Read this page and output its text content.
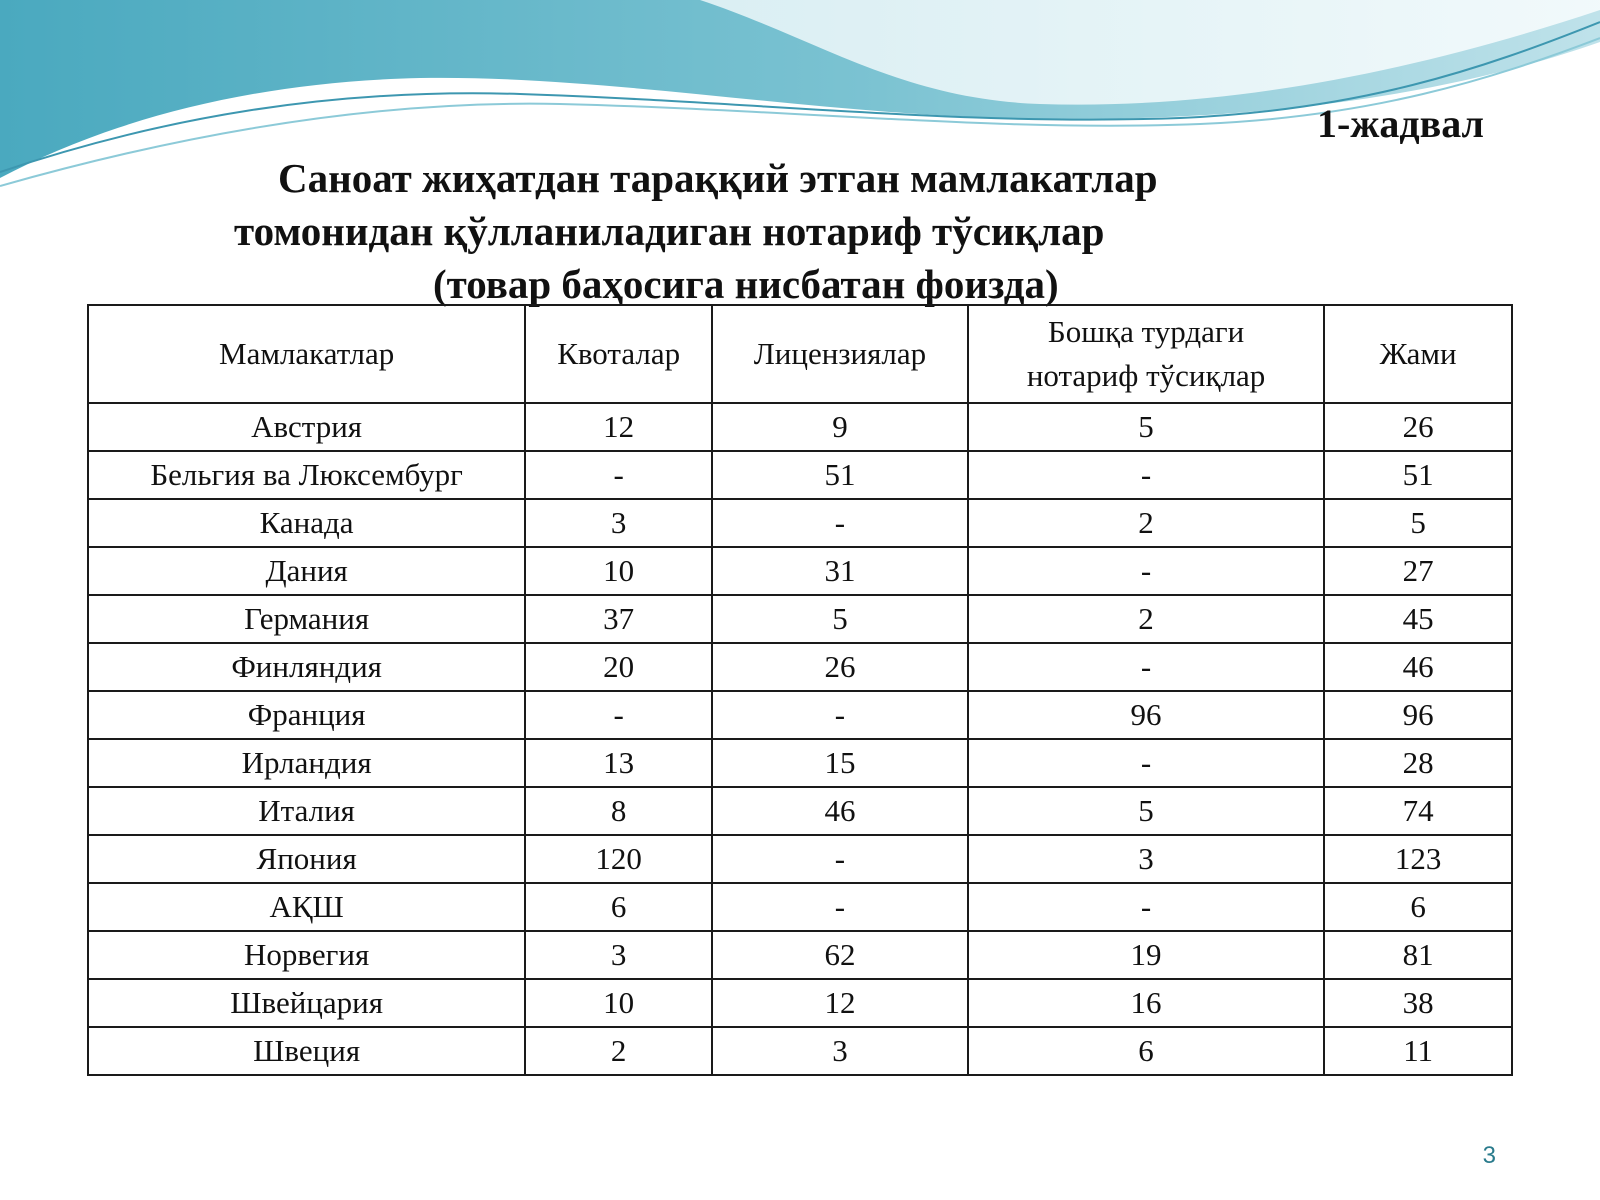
1-жадвал
Саноат жиҳатдан тараққий этган мамлакатлар
томонидан қўлланиладиган нотариф тўсиқлар
(товар баҳосига нисбатан фоизда)
Мамлакатлар	Квоталар	Лицензиялар	Бошқа турдаги нотариф тўсиқлар	Жами
Австрия	12	9	5	26
Бельгия ва Люксембург	-	51	-	51
Канада	3	-	2	5
Дания	10	31	-	27
Германия	37	5	2	45
Финляндия	20	26	-	46
Франция	-	-	96	96
Ирландия	13	15	-	28
Италия	8	46	5	74
Япония	120	-	3	123
АҚШ	6	-	-	6
Норвегия	3	62	19	81
Швейцария	10	12	16	38
Швеция	2	3	6	11
3
